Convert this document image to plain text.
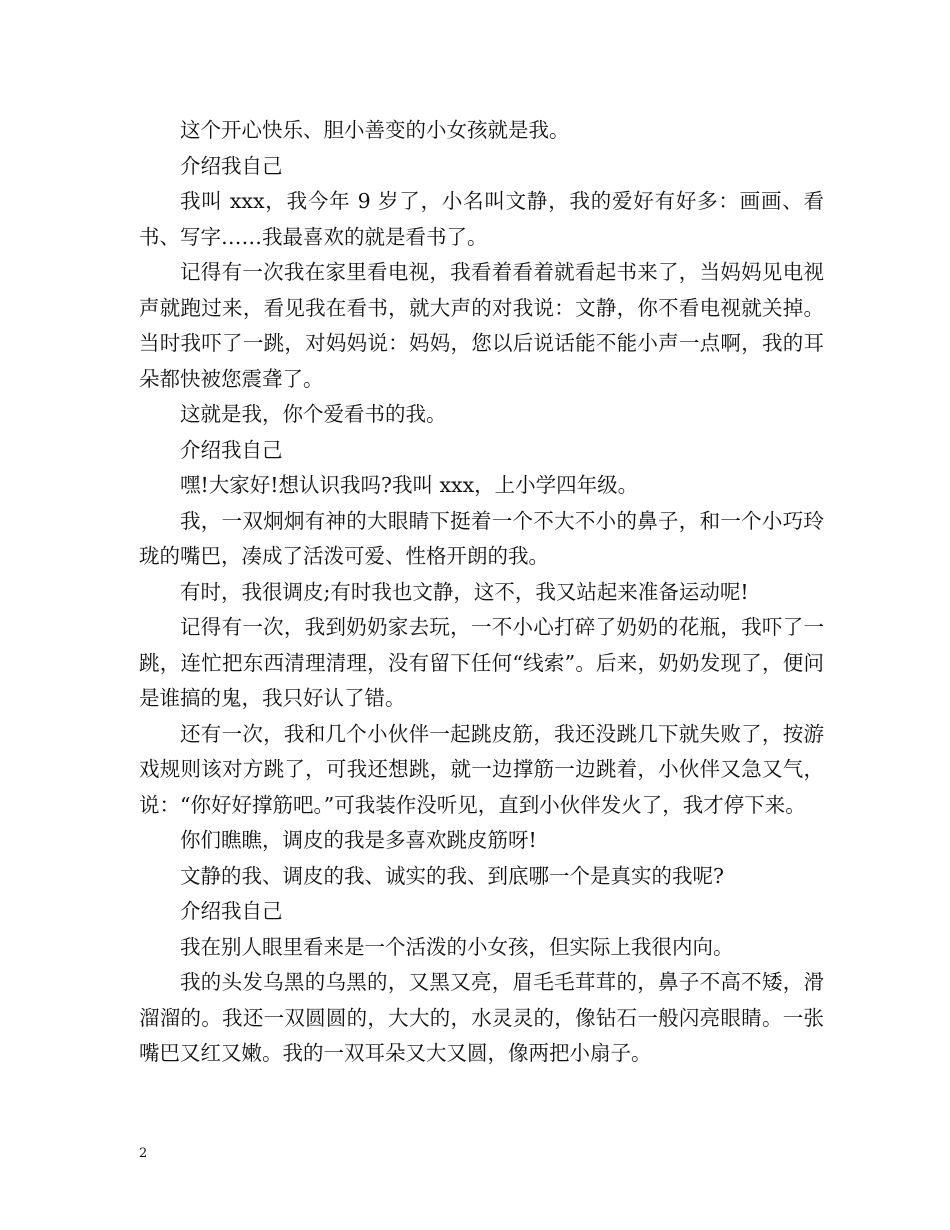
这个开心快乐、胆小善变的小女孩就是我。

介绍我自己

我叫 xxx，我今年 9 岁了，小名叫文静，我的爱好有好多：画画、看书、写字……我最喜欢的就是看书了。

记得有一次我在家里看电视，我看着看着就看起书来了，当妈妈见电视声就跑过来，看见我在看书，就大声的对我说：文静，你不看电视就关掉。当时我吓了一跳，对妈妈说：妈妈，您以后说话能不能小声一点啊，我的耳朵都快被您震聋了。

这就是我，你个爱看书的我。

介绍我自己

嘿!大家好!想认识我吗?我叫 xxx，上小学四年级。

我，一双炯炯有神的大眼睛下挺着一个不大不小的鼻子，和一个小巧玲珑的嘴巴，凑成了活泼可爱、性格开朗的我。

有时，我很调皮;有时我也文静，这不，我又站起来准备运动呢!

记得有一次，我到奶奶家去玩，一不小心打碎了奶奶的花瓶，我吓了一跳，连忙把东西清理清理，没有留下任何“线索”。后来，奶奶发现了，便问是谁搞的鬼，我只好认了错。

还有一次，我和几个小伙伴一起跳皮筋，我还没跳几下就失败了，按游戏规则该对方跳了，可我还想跳，就一边撑筋一边跳着，小伙伴又急又气，说：“你好好撑筋吧。”可我装作没听见，直到小伙伴发火了，我才停下来。

你们瞧瞧，调皮的我是多喜欢跳皮筋呀!

文静的我、调皮的我、诚实的我、到底哪一个是真实的我呢?

介绍我自己

我在别人眼里看来是一个活泼的小女孩，但实际上我很内向。

我的头发乌黑的乌黑的，又黑又亮，眉毛毛茸茸的，鼻子不高不矮，滑溜溜的。我还一双圆圆的，大大的，水灵灵的，像钻石一般闪亮眼睛。一张嘴巴又红又嫩。我的一双耳朵又大又圆，像两把小扇子。

2
